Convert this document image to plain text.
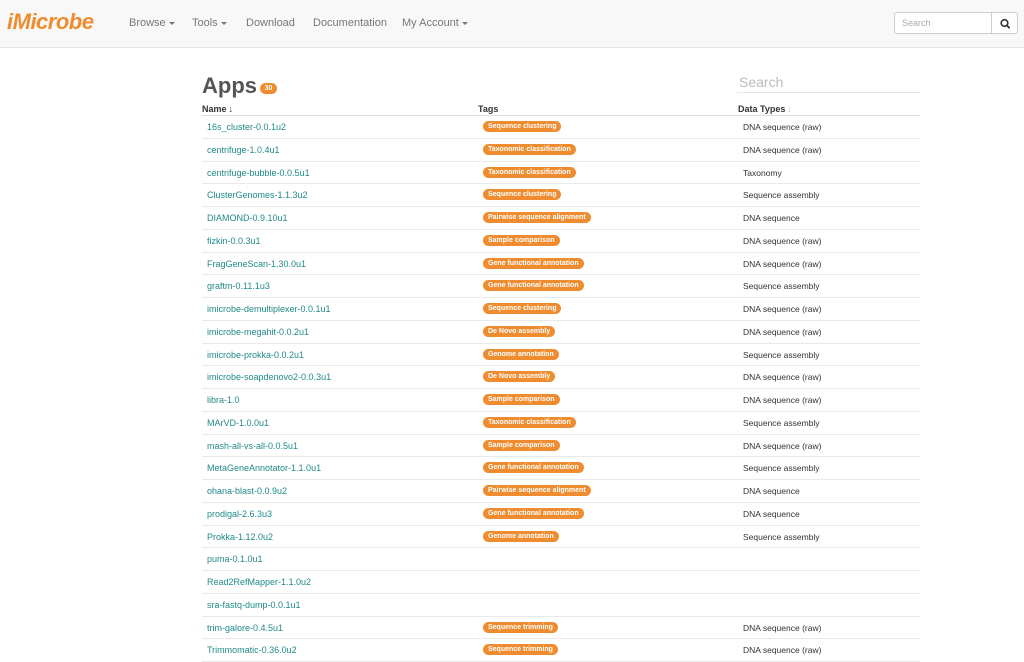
iMicrobe	Browse	Tools	Download Documentation My Account
Search
Apps	30
Search
Name ↓	Tags	Data Types ↕
16s_cluster-0.0.1u2	Sequence clustering	DNA sequence (raw)
centrifuge-1.0.4u1	Taxonomic classification	DNA sequence (raw)
centrifuge-bubble-0.0.5u1	Taxonomic classification	Taxonomy
ClusterGenomes-1.1.3u2	Sequence clustering	Sequence assembly
DIAMOND-0.9.10u1	Pairwise sequence alignment	DNA sequence
fizkin-0.0.3u1	Sample comparison	DNA sequence (raw)
FragGeneScan-1.30.0u1	Gene functional annotation	DNA sequence (raw)
graftm-0.11.1u3	Gene functional annotation	Sequence assembly
imicrobe-demultiplexer-0.0.1u1	Sequence clustering	DNA sequence (raw)
imicrobe-megahit-0.0.2u1	De Novo assembly	DNA sequence (raw)
imicrobe-prokka-0.0.2u1	Genome annotation	Sequence assembly
imicrobe-soapdenovo2-0.0.3u1	De Novo assembly	DNA sequence (raw)
libra-1.0	Sample comparison	DNA sequence (raw)
MArVD-1.0.0u1	Taxonomic classification	Sequence assembly
mash-all-vs-all-0.0.5u1	Sample comparison	DNA sequence (raw)
MetaGeneAnnotator-1.1.0u1	Gene functional annotation	Sequence assembly
ohana-blast-0.0.9u2	Pairwise sequence alignment	DNA sequence
prodigal-2.6.3u3	Gene functional annotation	DNA sequence
Prokka-1.12.0u2	Genome annotation	Sequence assembly
puma-0.1.0u1
Read2RefMapper-1.1.0u2
sra-fastq-dump-0.0.1u1
trim-galore-0.4.5u1	Sequence trimming	DNA sequence (raw)
Trimmomatic-0.36.0u2	Sequence trimming	DNA sequence (raw)
